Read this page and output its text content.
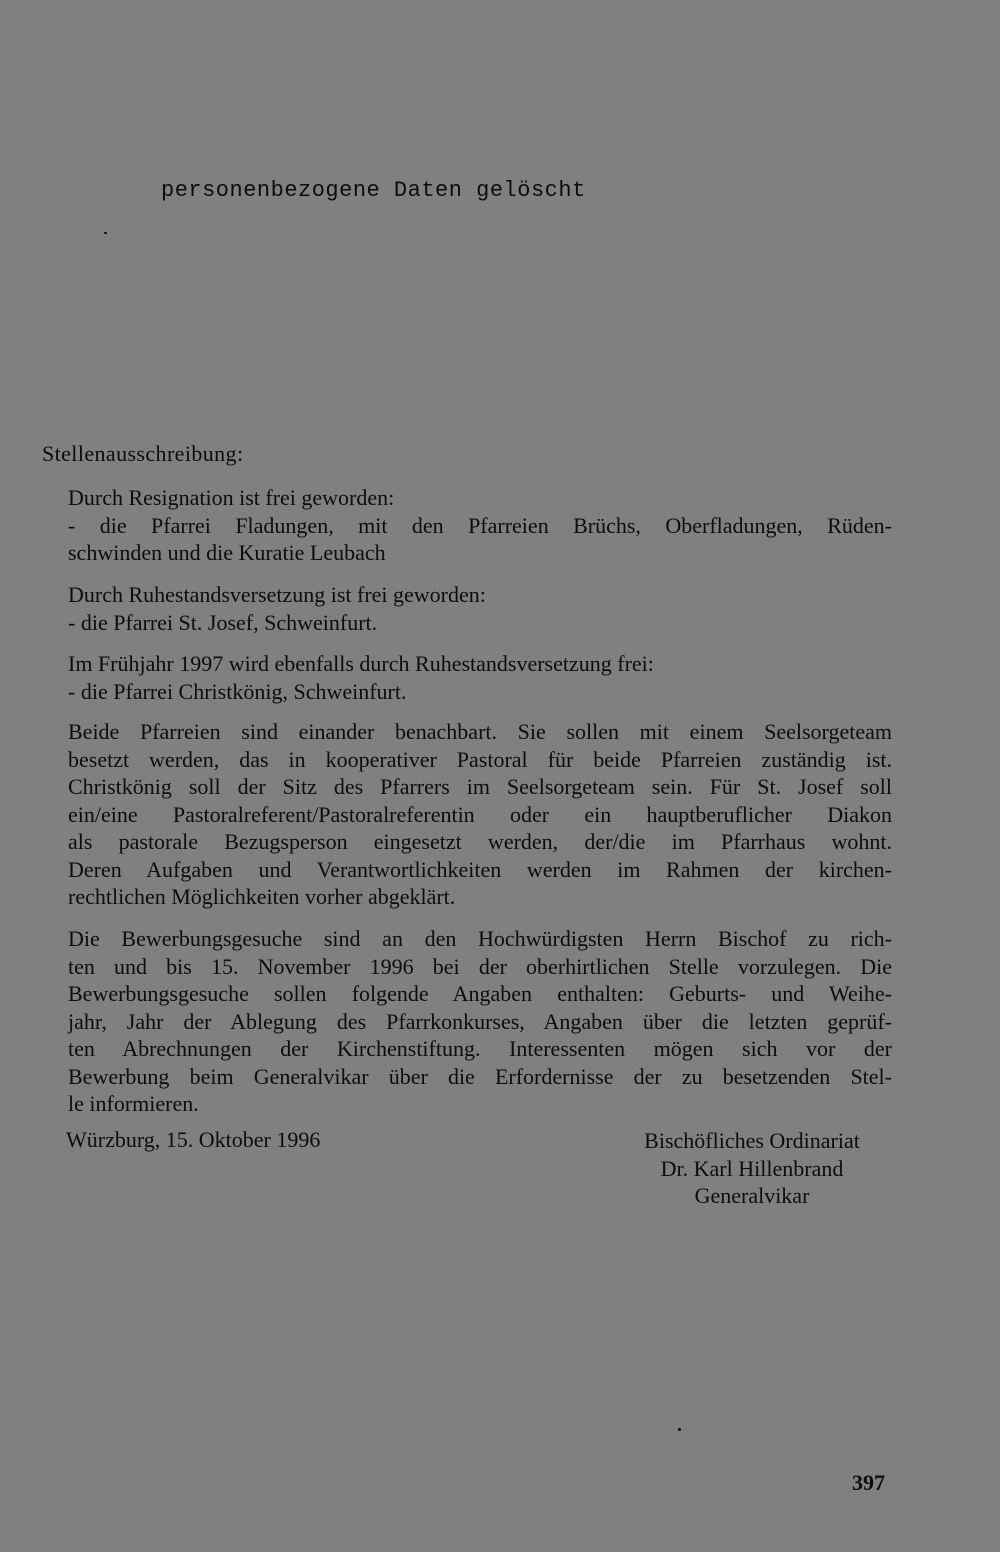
personenbezogene Daten gelöscht
Stellenausschreibung:
Durch Resignation ist frei geworden:
- die Pfarrei Fladungen, mit den Pfarreien Brüchs, Oberfladungen, Rüden-
schwinden und die Kuratie Leubach
Durch Ruhestandsversetzung ist frei geworden:
- die Pfarrei St. Josef, Schweinfurt.
Im Frühjahr 1997 wird ebenfalls durch Ruhestandsversetzung frei:
- die Pfarrei Christkönig, Schweinfurt.
Beide Pfarreien sind einander benachbart. Sie sollen mit einem Seelsorgeteam
besetzt werden, das in kooperativer Pastoral für beide Pfarreien zuständig ist.
Christkönig soll der Sitz des Pfarrers im Seelsorgeteam sein. Für St. Josef soll
ein/eine Pastoralreferent/Pastoralreferentin oder ein hauptberuflicher Diakon
als pastorale Bezugsperson eingesetzt werden, der/die im Pfarrhaus wohnt.
Deren Aufgaben und Verantwortlichkeiten werden im Rahmen der kirchen-
rechtlichen Möglichkeiten vorher abgeklärt.
Die Bewerbungsgesuche sind an den Hochwürdigsten Herrn Bischof zu rich-
ten und bis 15. November 1996 bei der oberhirtlichen Stelle vorzulegen. Die
Bewerbungsgesuche sollen folgende Angaben enthalten: Geburts- und Weihe-
jahr, Jahr der Ablegung des Pfarrkonkurses, Angaben über die letzten geprüf-
ten Abrechnungen der Kirchenstiftung. Interessenten mögen sich vor der
Bewerbung beim Generalvikar über die Erfordernisse der zu besetzenden Stel-
le informieren.
Würzburg, 15. Oktober 1996	Bischöfliches Ordinariat
Dr. Karl Hillenbrand
Generalvikar
397
